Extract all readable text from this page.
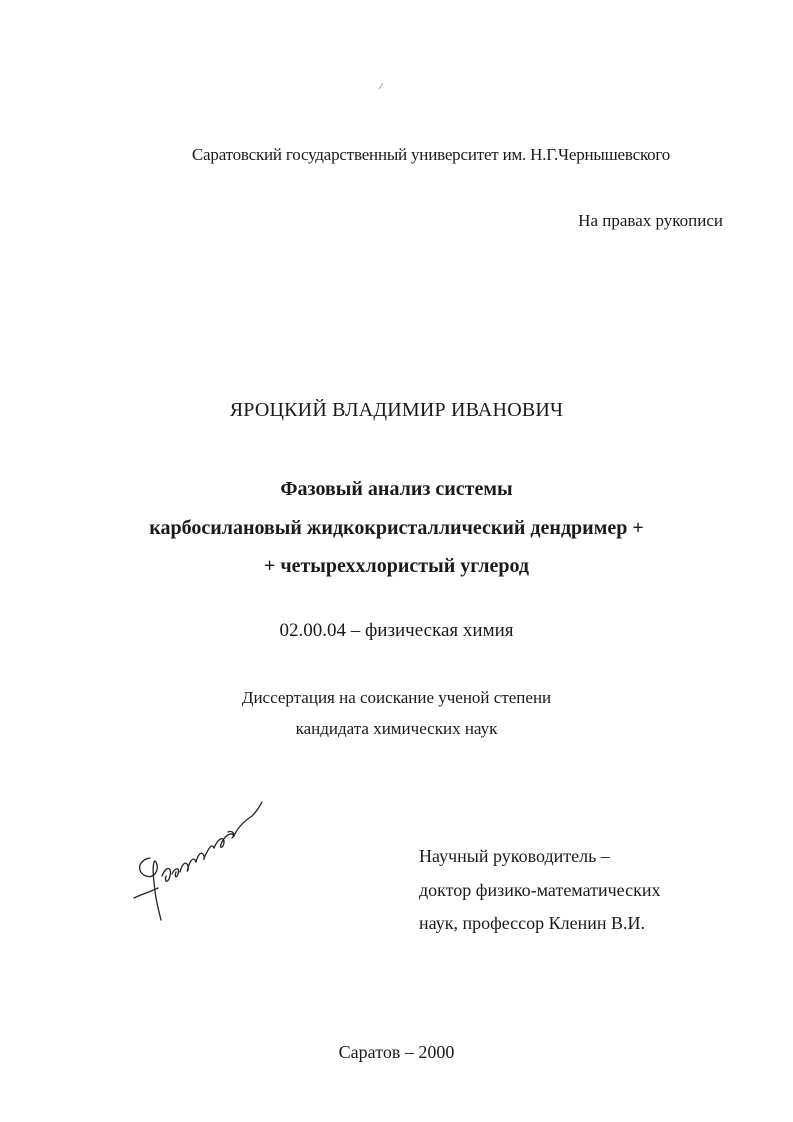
Саратовский государственный университет им. Н.Г.Чернышевского
На правах рукописи
ЯРОЦКИЙ ВЛАДИМИР ИВАНОВИЧ
Фазовый анализ системы
карбосилановый жидкокристаллический дендример +
+ четыреххлористый углерод
02.00.04 – физическая химия
Диссертация на соискание ученой степени
кандидата химических наук
Научный руководитель –
доктор физико-математических
наук, профессор Кленин В.И.
Саратов – 2000
